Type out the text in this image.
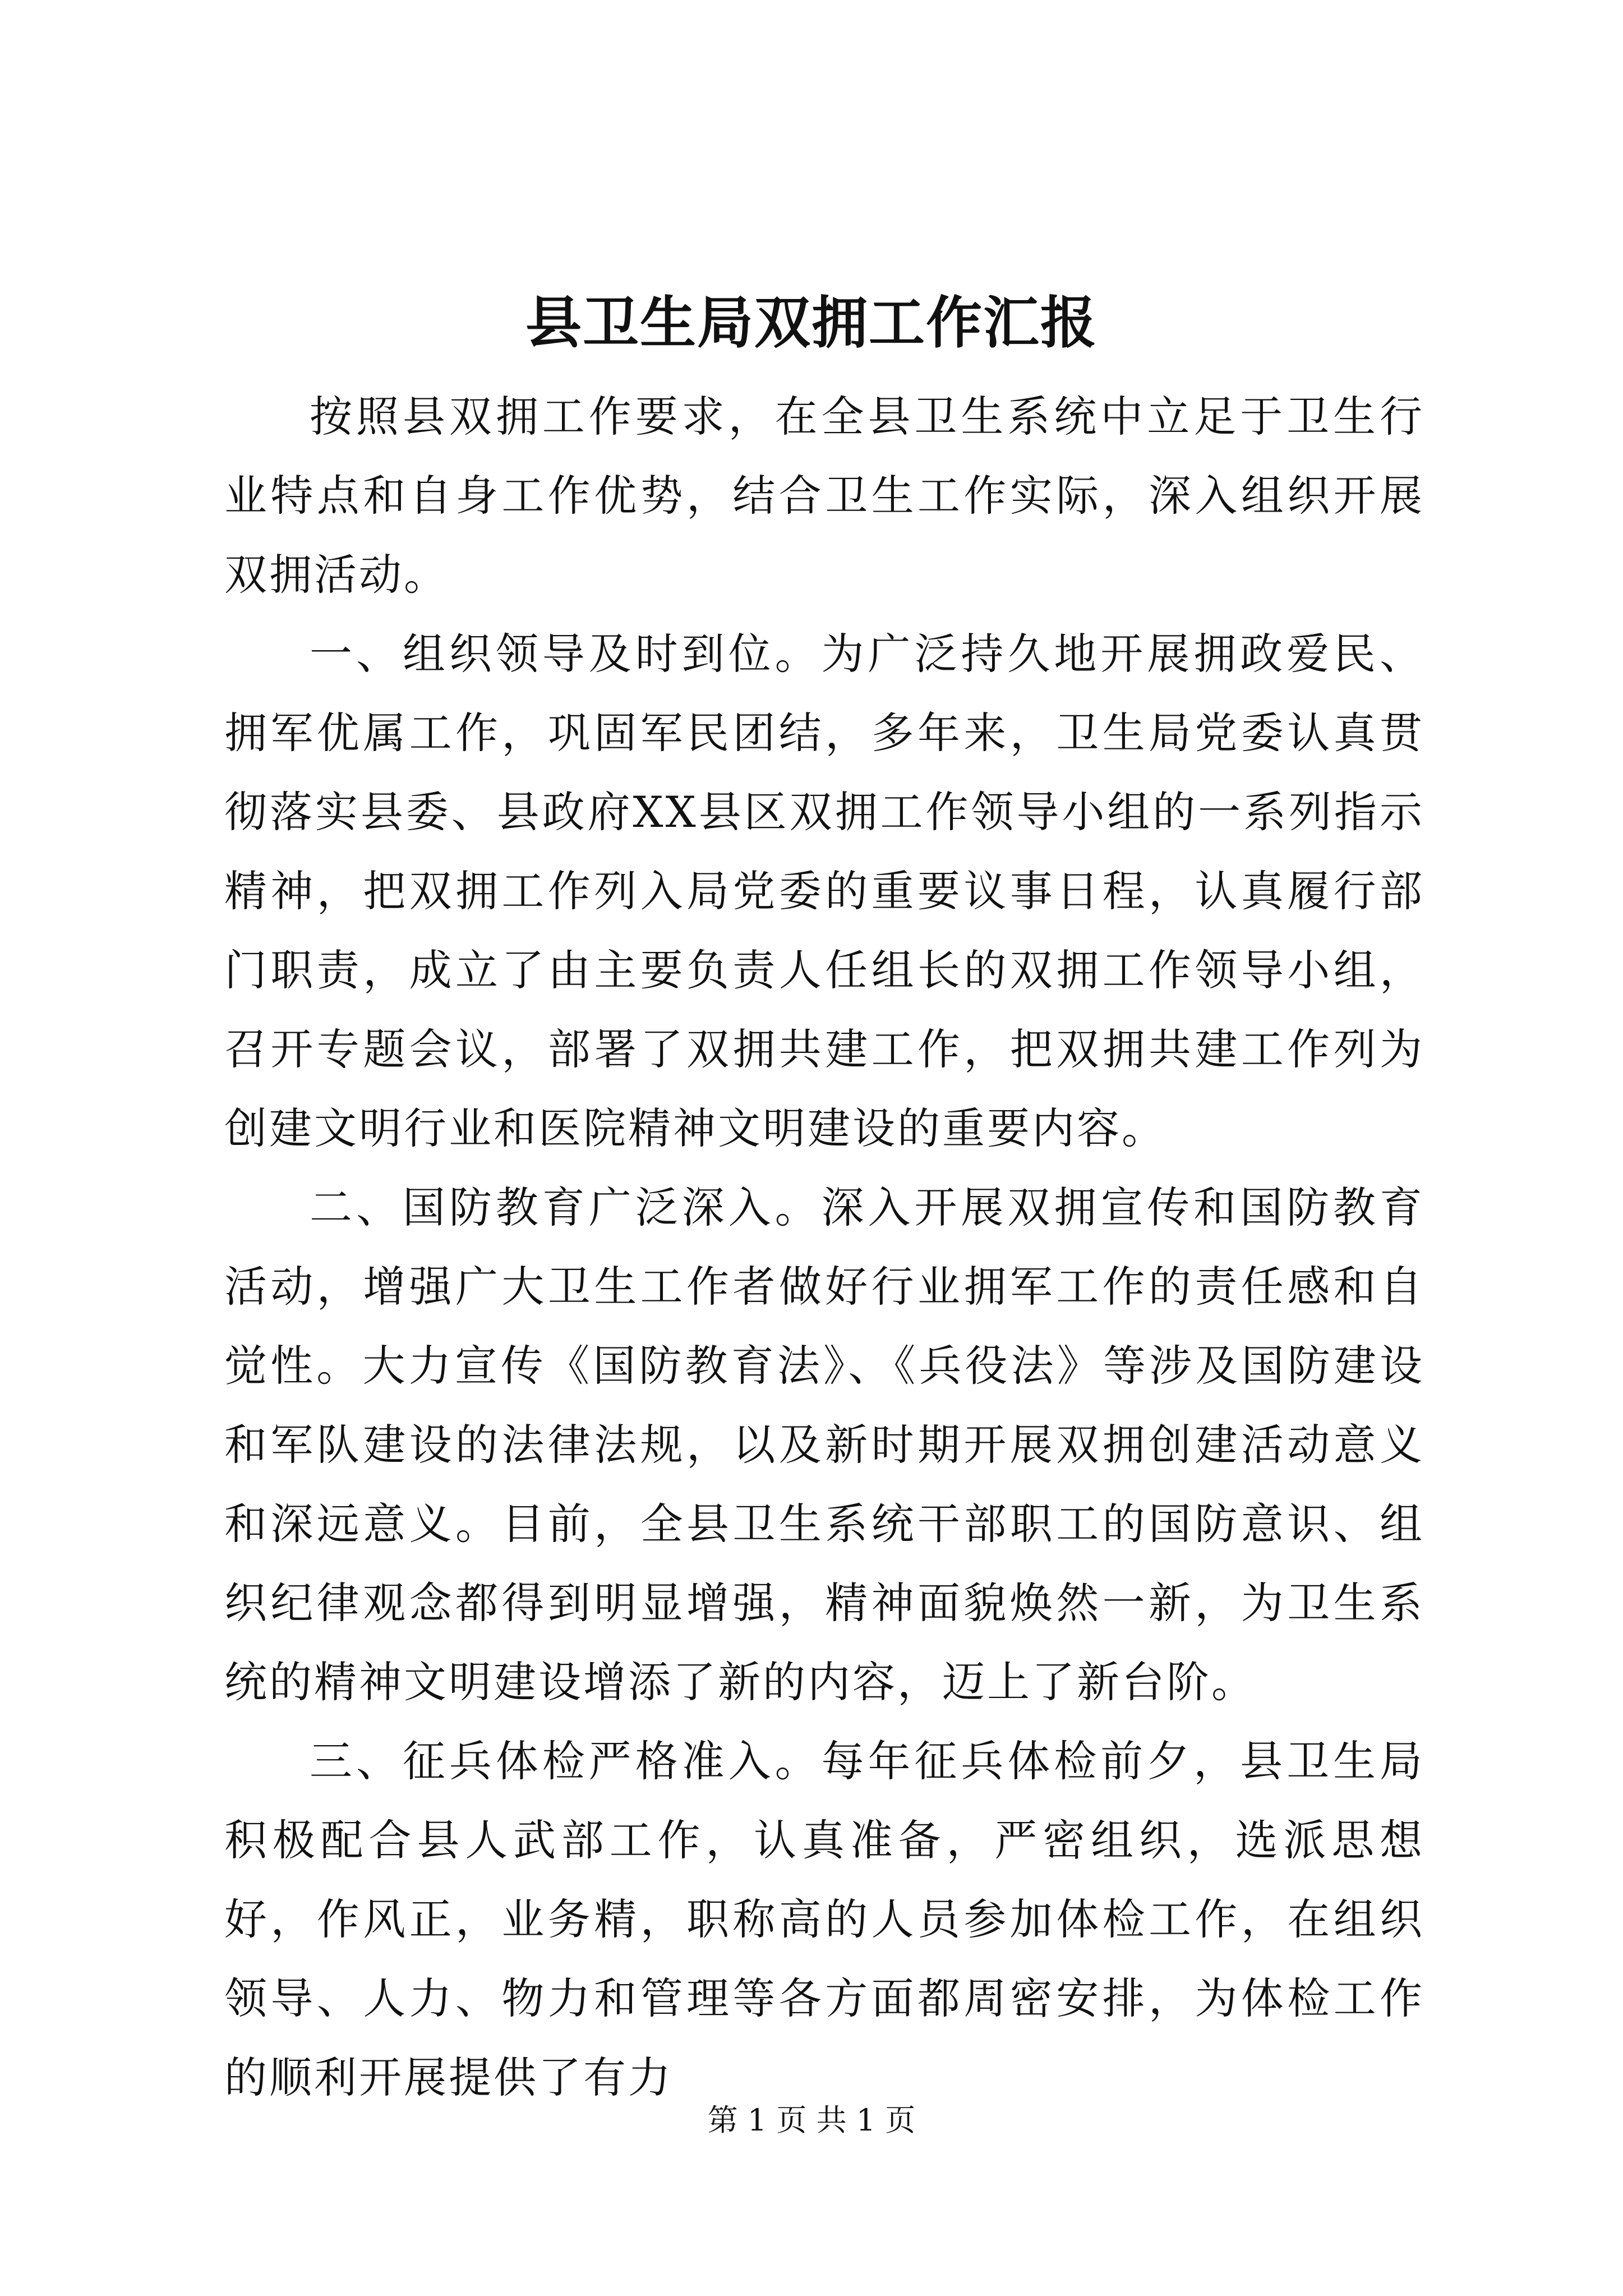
县卫生局双拥工作汇报

按照县双拥工作要求，在全县卫生系统中立足于卫生行业特点和自身工作优势，结合卫生工作实际，深入组织开展双拥活动。

一、组织领导及时到位。为广泛持久地开展拥政爱民、拥军优属工作，巩固军民团结，多年来，卫生局党委认真贯彻落实县委、县政府XX县区双拥工作领导小组的一系列指示精神，把双拥工作列入局党委的重要议事日程，认真履行部门职责，成立了由主要负责人任组长的双拥工作领导小组，召开专题会议，部署了双拥共建工作，把双拥共建工作列为创建文明行业和医院精神文明建设的重要内容。

二、国防教育广泛深入。深入开展双拥宣传和国防教育活动，增强广大卫生工作者做好行业拥军工作的责任感和自觉性。大力宣传《国防教育法》、《兵役法》等涉及国防建设和军队建设的法律法规，以及新时期开展双拥创建活动意义和深远意义。目前，全县卫生系统干部职工的国防意识、组织纪律观念都得到明显增强，精神面貌焕然一新，为卫生系统的精神文明建设增添了新的内容，迈上了新台阶。

三、征兵体检严格准入。每年征兵体检前夕，县卫生局积极配合县人武部工作，认真准备，严密组织，选派思想好，作风正，业务精，职称高的人员参加体检工作，在组织领导、人力、物力和管理等各方面都周密安排，为体检工作的顺利开展提供了有力

第 1 页 共 1 页
